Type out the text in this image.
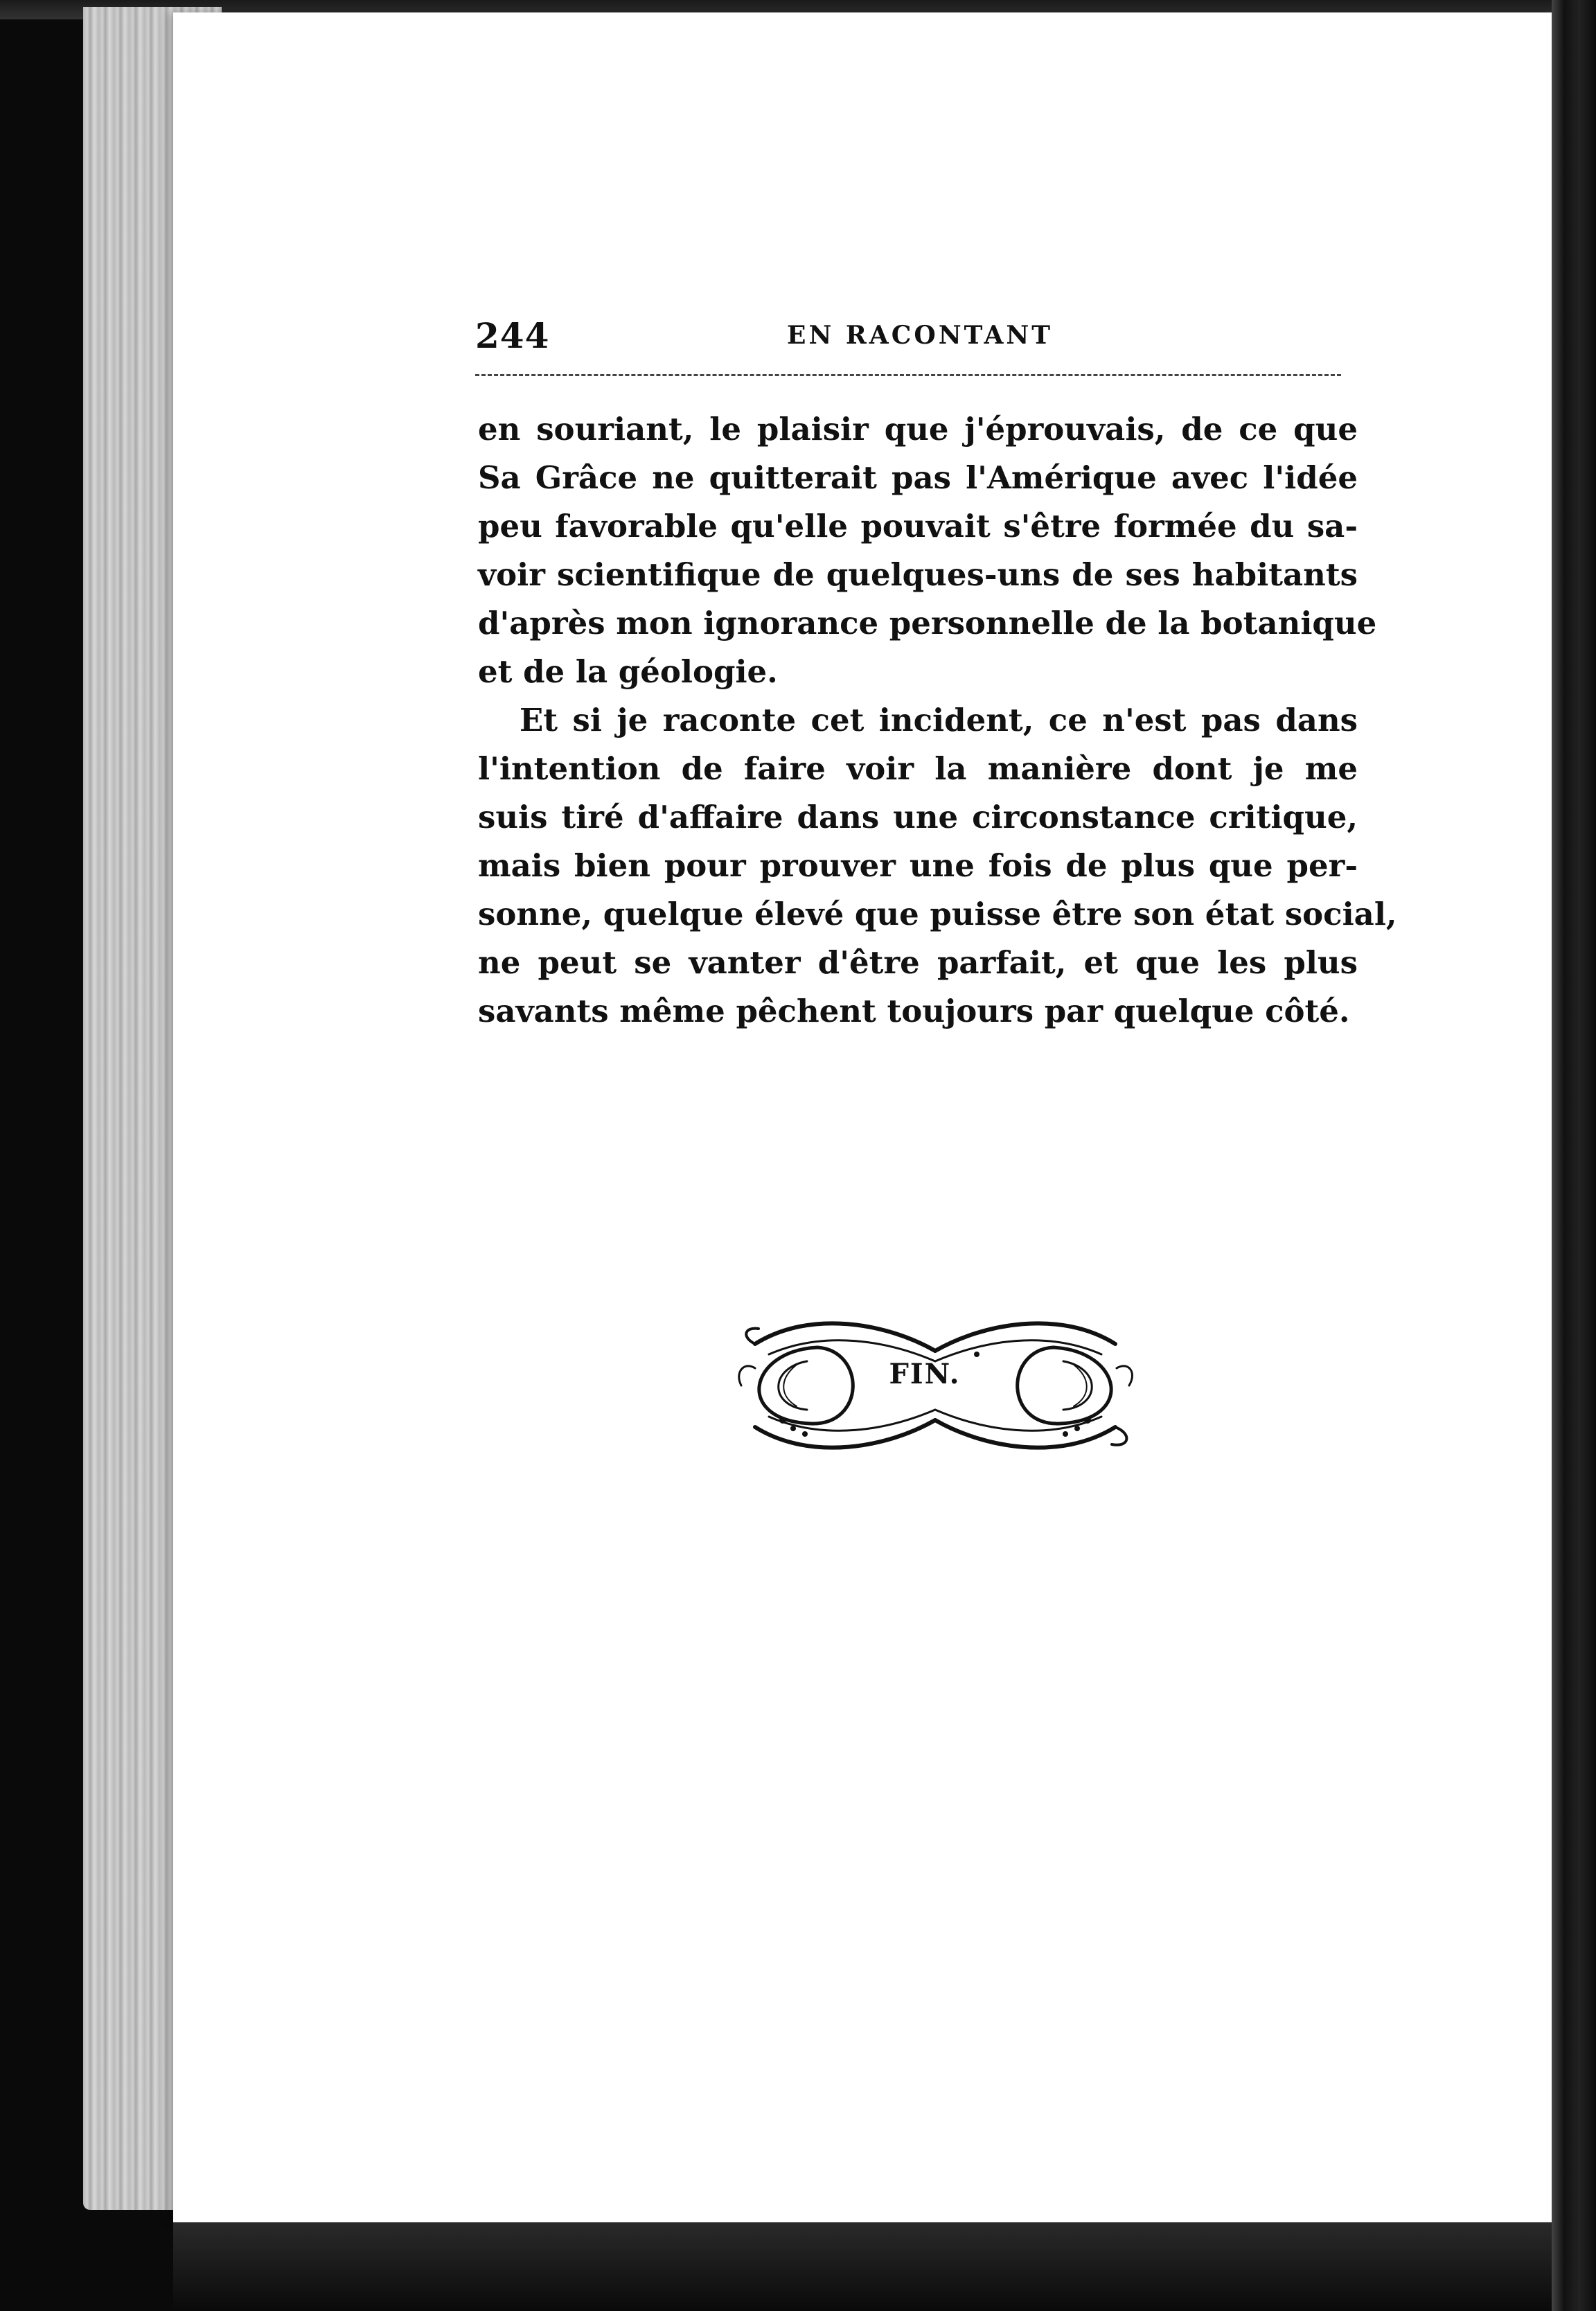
244	EN RACONTANT
en souriant, le plaisir que j'éprouvais, de ce que
Sa Grâce ne quitterait pas l'Amérique avec l'idée
peu favorable qu'elle pouvait s'être formée du sa-
voir scientifique de quelques-uns de ses habitants
d'après mon ignorance personnelle de la botanique
et de la géologie.
Et si je raconte cet incident, ce n'est pas dans
l'intention de faire voir la manière dont je me
suis tiré d'affaire dans une circonstance critique,
mais bien pour prouver une fois de plus que per-
sonne, quelque élevé que puisse être son état social,
ne peut se vanter d'être parfait, et que les plus
savants même pêchent toujours par quelque côté.
FIN.
